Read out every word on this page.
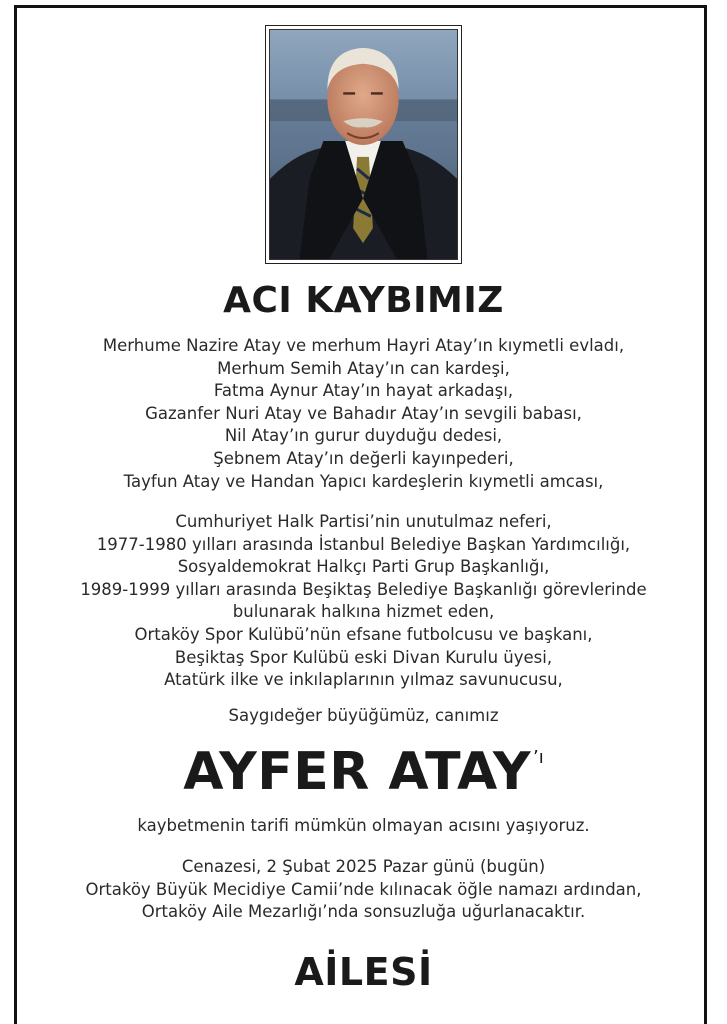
ACI KAYBIMIZ
Merhume Nazire Atay ve merhum Hayri Atay’ın kıymetli evladı,
Merhum Semih Atay’ın can kardeşi,
Fatma Aynur Atay’ın hayat arkadaşı,
Gazanfer Nuri Atay ve Bahadır Atay’ın sevgili babası,
Nil Atay’ın gurur duyduğu dedesi,
Şebnem Atay’ın değerli kayınpederi,
Tayfun Atay ve Handan Yapıcı kardeşlerin kıymetli amcası,
Cumhuriyet Halk Partisi’nin unutulmaz neferi,
1977-1980 yılları arasında İstanbul Belediye Başkan Yardımcılığı,
Sosyaldemokrat Halkçı Parti Grup Başkanlığı,
1989-1999 yılları arasında Beşiktaş Belediye Başkanlığı görevlerinde
bulunarak halkına hizmet eden,
Ortaköy Spor Kulübü’nün efsane futbolcusu ve başkanı,
Beşiktaş Spor Kulübü eski Divan Kurulu üyesi,
Atatürk ilke ve inkılaplarının yılmaz savunucusu,
Saygıdeğer büyüğümüz, canımız
AYFER ATAY ’ı
kaybetmenin tarifi mümkün olmayan acısını yaşıyoruz.
Cenazesi, 2 Şubat 2025 Pazar günü (bugün)
Ortaköy Büyük Mecidiye Camii’nde kılınacak öğle namazı ardından,
Ortaköy Aile Mezarlığı’nda sonsuzluğa uğurlanacaktır.
AİLESİ
